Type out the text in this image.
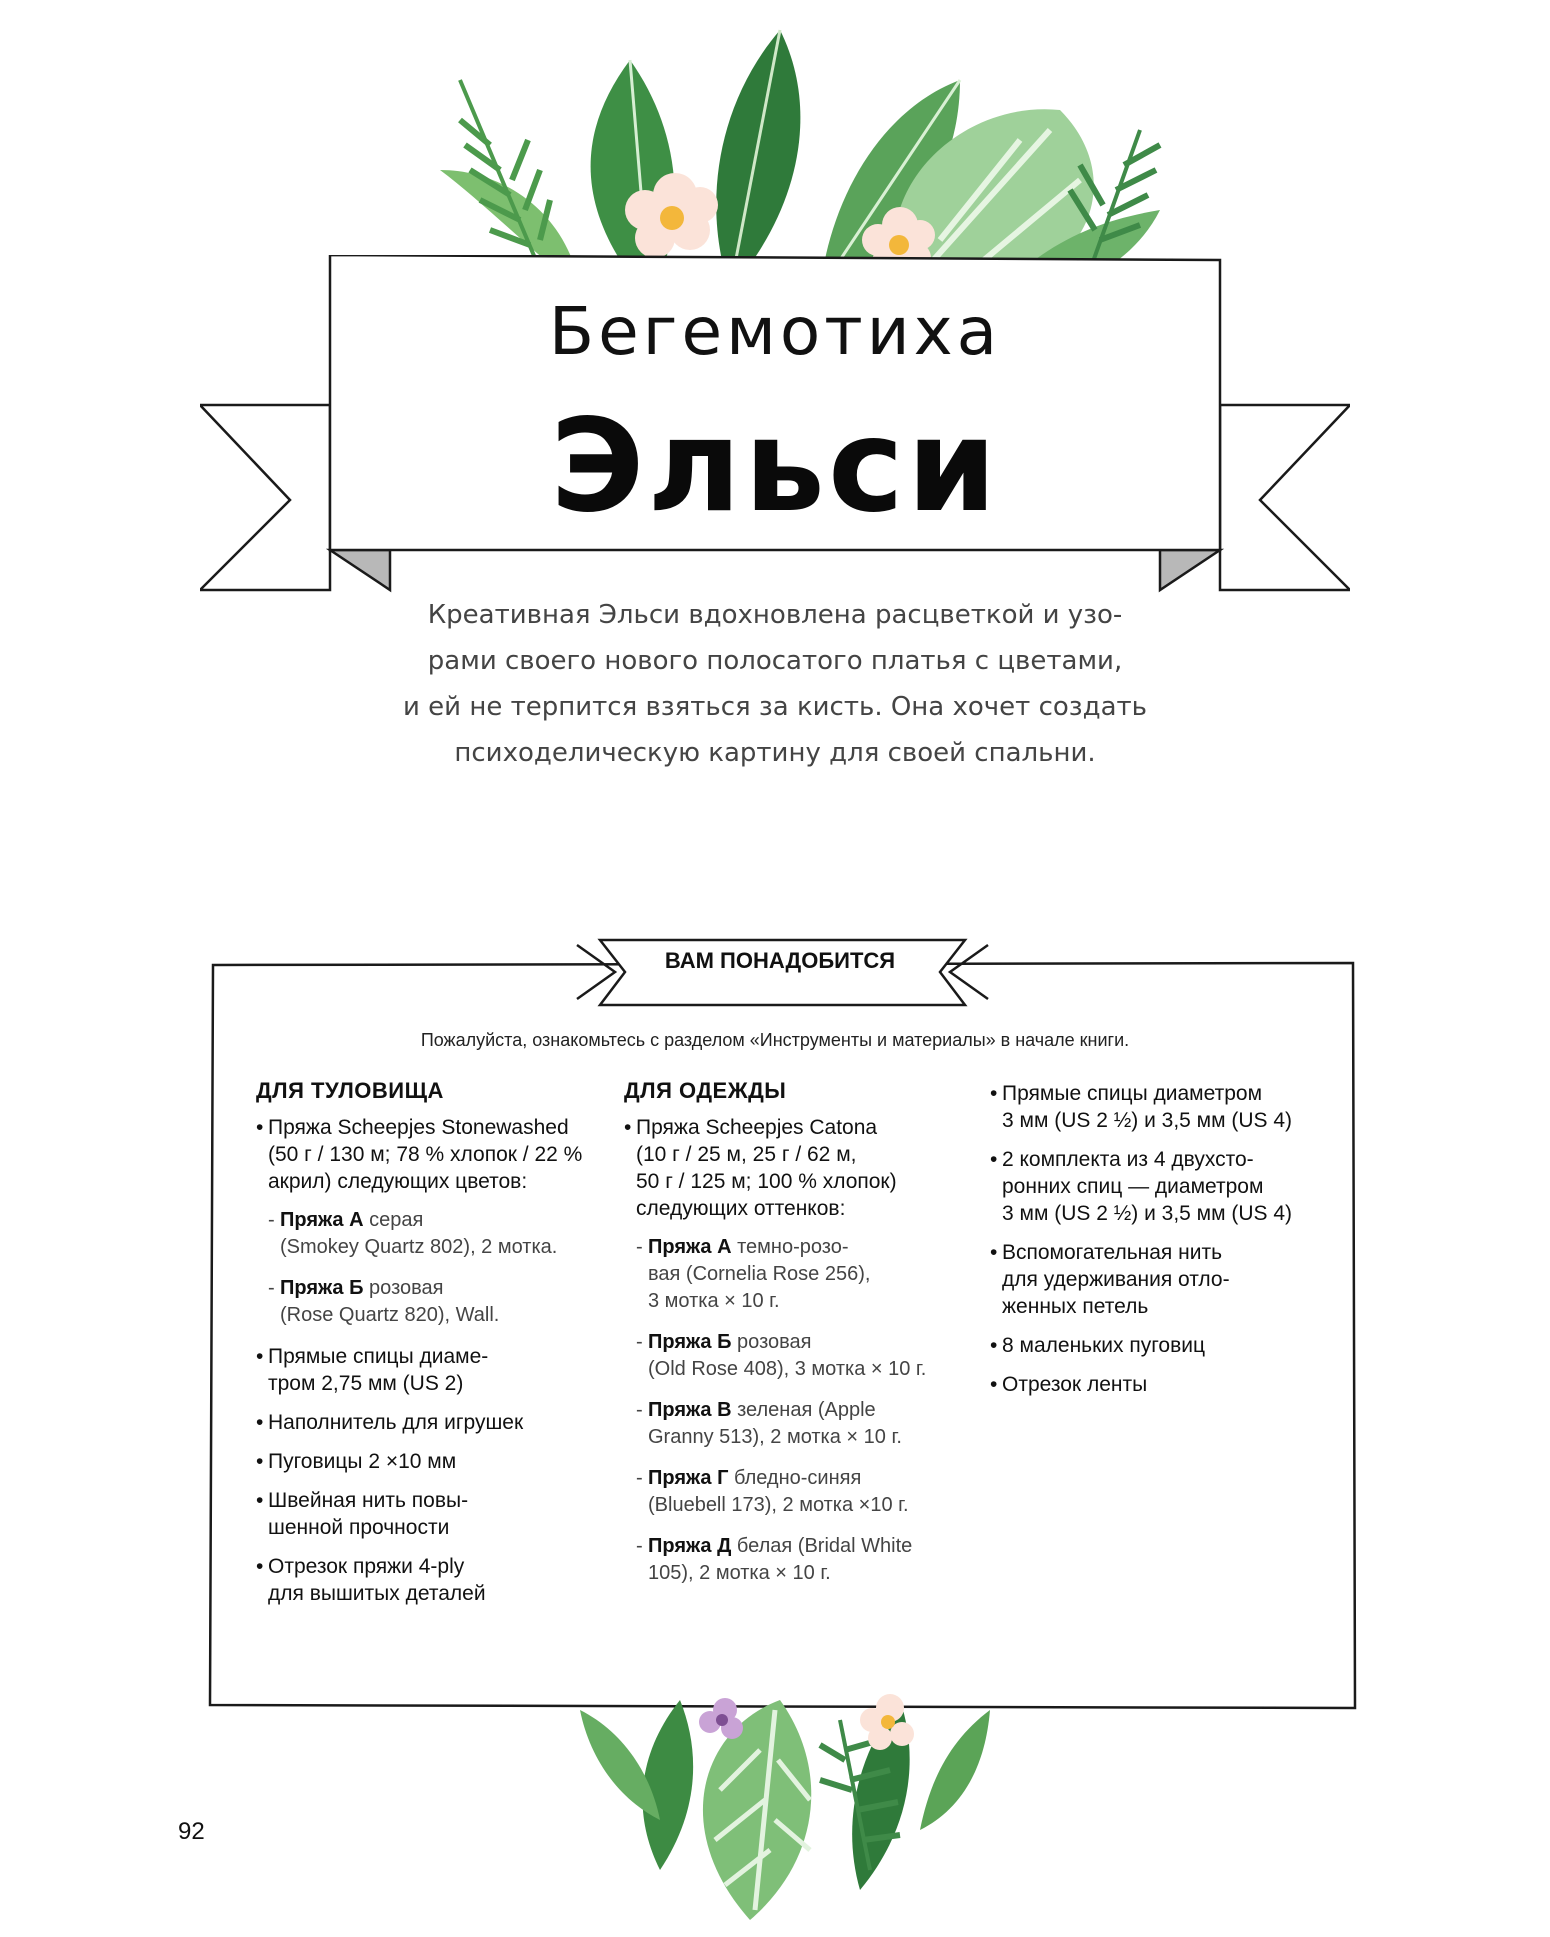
Бегемотиха
Эльси
Креативная Эльси вдохновлена расцветкой и узо-
рами своего нового полосатого платья с цветами,
и ей не терпится взяться за кисть. Она хочет создать
психоделическую картину для своей спальни.
ВАМ ПОНАДОБИТСЯ
Пожалуйста, ознакомьтесь с разделом «Инструменты и материалы» в начале книги.
ДЛЯ ТУЛОВИЩА
• Пряжа Scheepjes Stonewashed
(50 г / 130 м; 78 % хлопок / 22 %
акрил) следующих цветов:
- Пряжа А серая
(Smokey Quartz 802), 2 мотка.
- Пряжа Б розовая
(Rose Quartz 820), Wall.
• Прямые спицы диаме-
тром 2,75 мм (US 2)
• Наполнитель для игрушек
• Пуговицы 2 ×10 мм
• Швейная нить повы-
шенной прочности
• Отрезок пряжи 4-ply
для вышитых деталей
ДЛЯ ОДЕЖДЫ
• Пряжа Scheepjes Catona
(10 г / 25 м, 25 г / 62 м,
50 г / 125 м; 100 % хлопок)
следующих оттенков:
- Пряжа А темно-розо-
вая (Cornelia Rose 256),
3 мотка × 10 г.
- Пряжа Б розовая
(Old Rose 408), 3 мотка × 10 г.
- Пряжа В зеленая (Apple
Granny 513), 2 мотка × 10 г.
- Пряжа Г бледно-синяя
(Bluebell 173), 2 мотка ×10 г.
- Пряжа Д белая (Bridal White
105), 2 мотка × 10 г.
• Прямые спицы диаметром
3 мм (US 2 ½) и 3,5 мм (US 4)
• 2 комплекта из 4 двухсто-
ронних спиц — диаметром
3 мм (US 2 ½) и 3,5 мм (US 4)
• Вспомогательная нить
для удерживания отло-
женных петель
• 8 маленьких пуговиц
• Отрезок ленты
92
